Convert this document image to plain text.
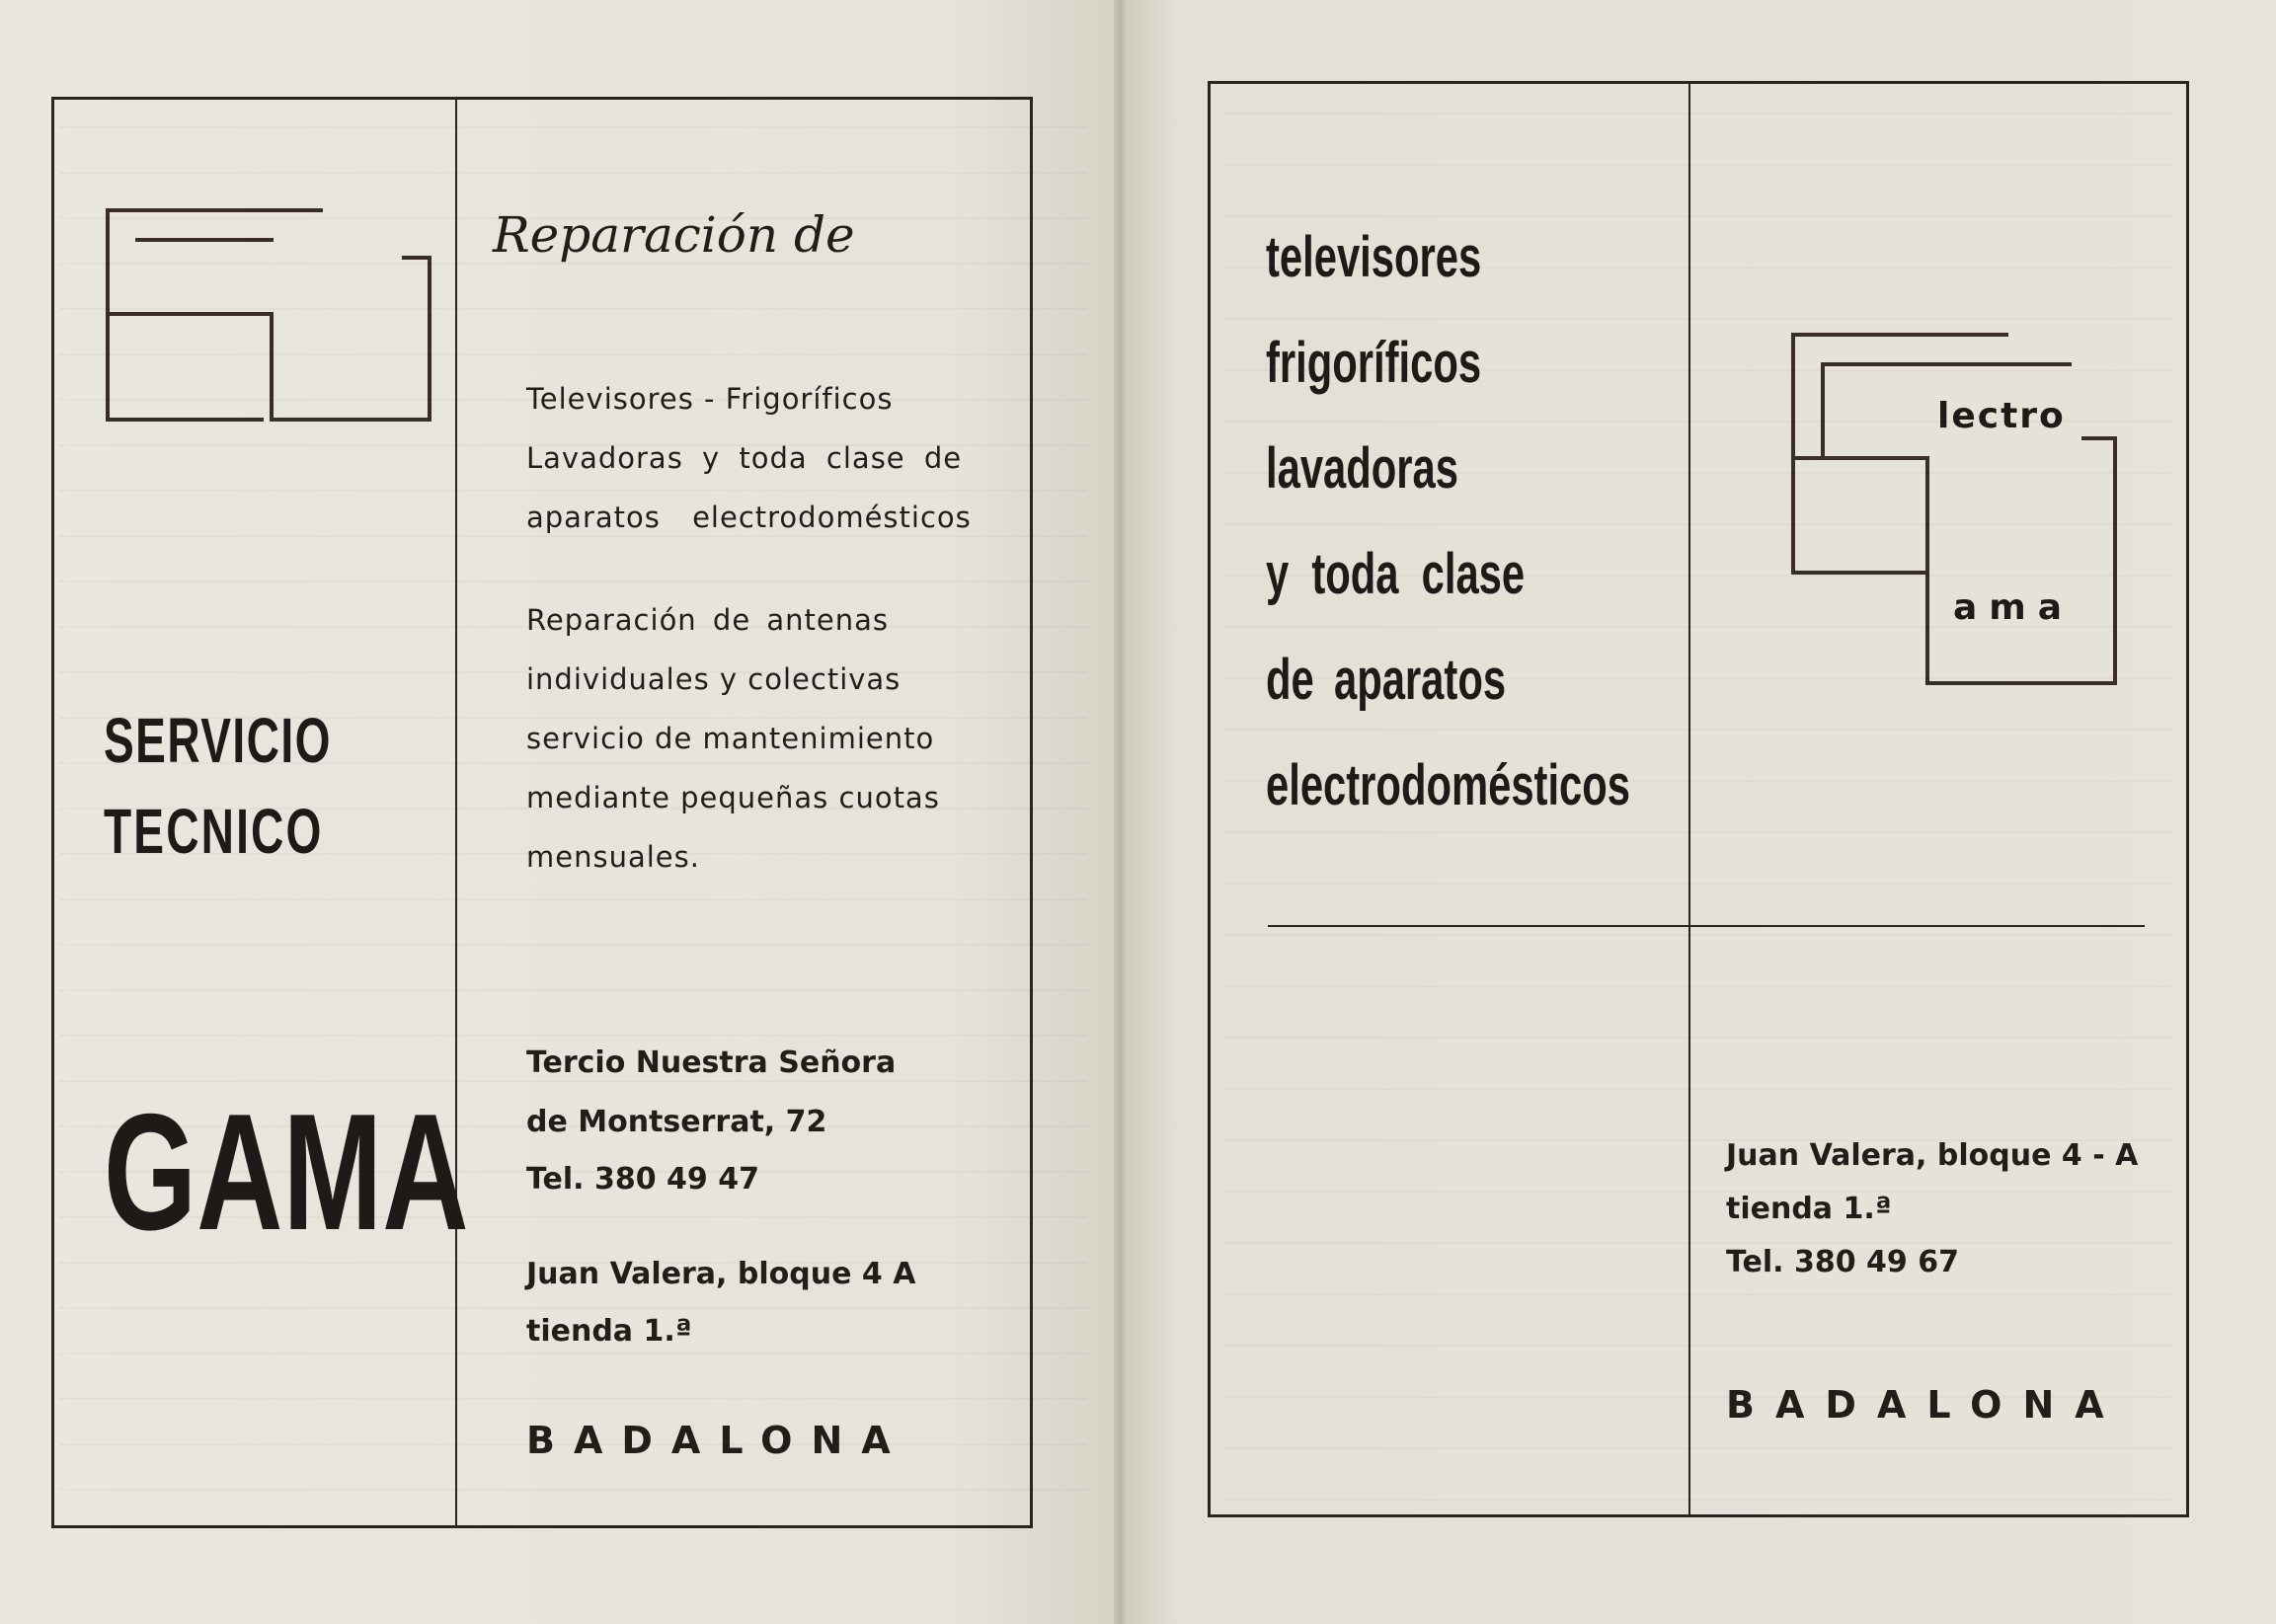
SERVICIO
TECNICO
GAMA
Reparación de
Televisores - Frigoríficos
Lavadoras y toda clase de
aparatos electrodomésticos
Reparación de antenas
individuales y colectivas
servicio de mantenimiento
mediante pequeñas cuotas
mensuales.
Tercio Nuestra Señora
de Montserrat, 72
Tel. 380 49 47
Juan Valera, bloque 4 A
tienda 1.ª
BADALONA
televisores
frigoríficos
lavadoras
y toda clase
de aparatos
electrodomésticos
lectro
ama
Juan Valera, bloque 4 - A
tienda 1.ª
Tel. 380 49 67
BADALONA
